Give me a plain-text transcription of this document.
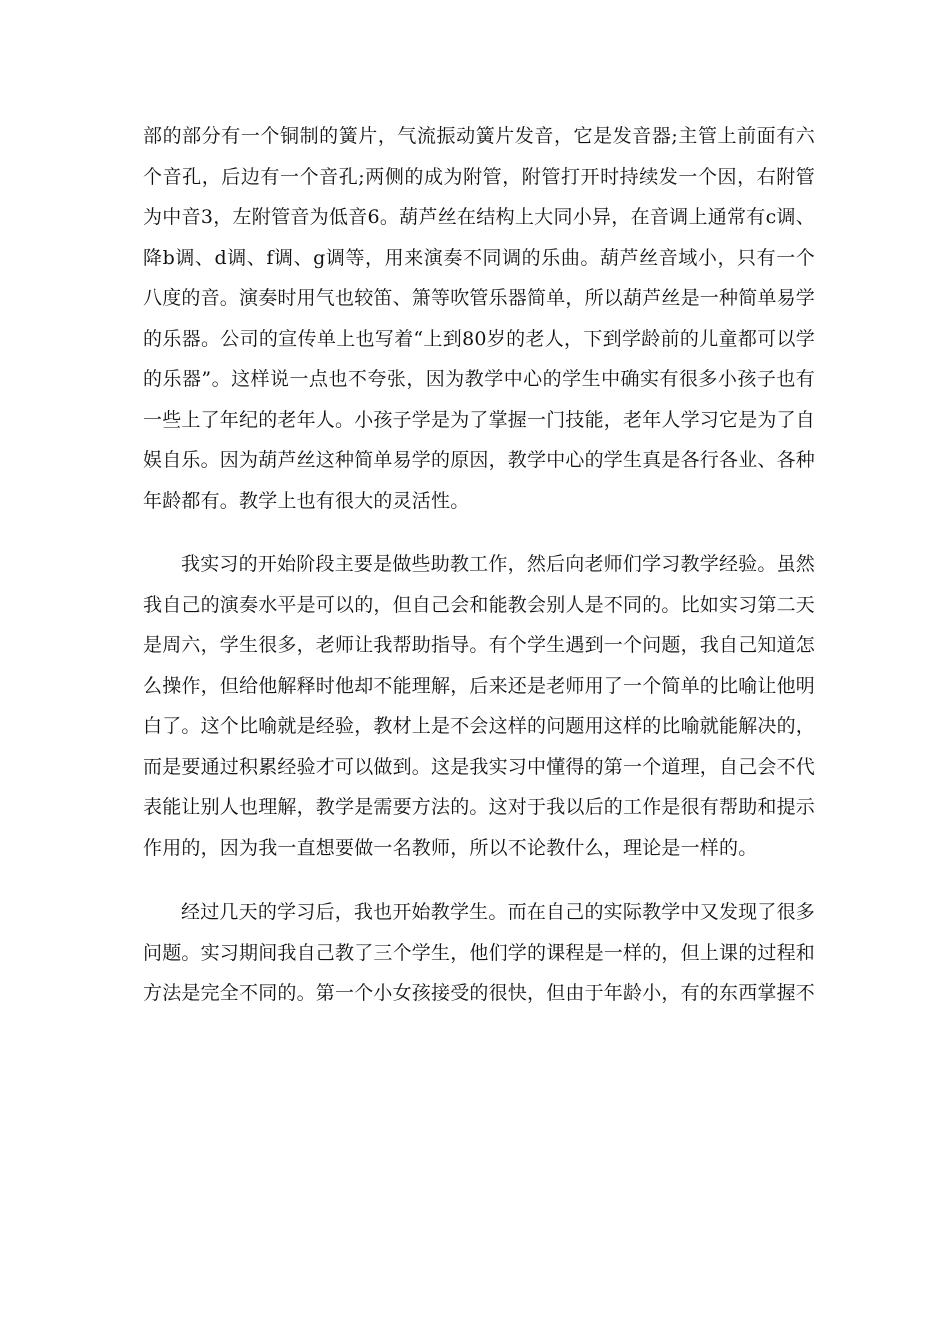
部的部分有一个铜制的簧片，气流振动簧片发音，它是发音器;主管上前面有六个音孔，后边有一个音孔;两侧的成为附管，附管打开时持续发一个因，右附管为中音3，左附管音为低音6。葫芦丝在结构上大同小异，在音调上通常有c调、降b调、d调、f调、g调等，用来演奏不同调的乐曲。葫芦丝音域小，只有一个八度的音。演奏时用气也较笛、箫等吹管乐器简单，所以葫芦丝是一种简单易学的乐器。公司的宣传单上也写着“上到80岁的老人，下到学龄前的儿童都可以学的乐器”。这样说一点也不夸张，因为教学中心的学生中确实有很多小孩子也有一些上了年纪的老年人。小孩子学是为了掌握一门技能，老年人学习它是为了自娱自乐。因为葫芦丝这种简单易学的原因，教学中心的学生真是各行各业、各种年龄都有。教学上也有很大的灵活性。

我实习的开始阶段主要是做些助教工作，然后向老师们学习教学经验。虽然我自己的演奏水平是可以的，但自己会和能教会别人是不同的。比如实习第二天是周六，学生很多，老师让我帮助指导。有个学生遇到一个问题，我自己知道怎么操作，但给他解释时他却不能理解，后来还是老师用了一个简单的比喻让他明白了。这个比喻就是经验，教材上是不会这样的问题用这样的比喻就能解决的，而是要通过积累经验才可以做到。这是我实习中懂得的第一个道理，自己会不代表能让别人也理解，教学是需要方法的。这对于我以后的工作是很有帮助和提示作用的，因为我一直想要做一名教师，所以不论教什么，理论是一样的。

经过几天的学习后，我也开始教学生。而在自己的实际教学中又发现了很多问题。实习期间我自己教了三个学生，他们学的课程是一样的，但上课的过程和方法是完全不同的。第一个小女孩接受的很快，但由于年龄小，有的东西掌握不
